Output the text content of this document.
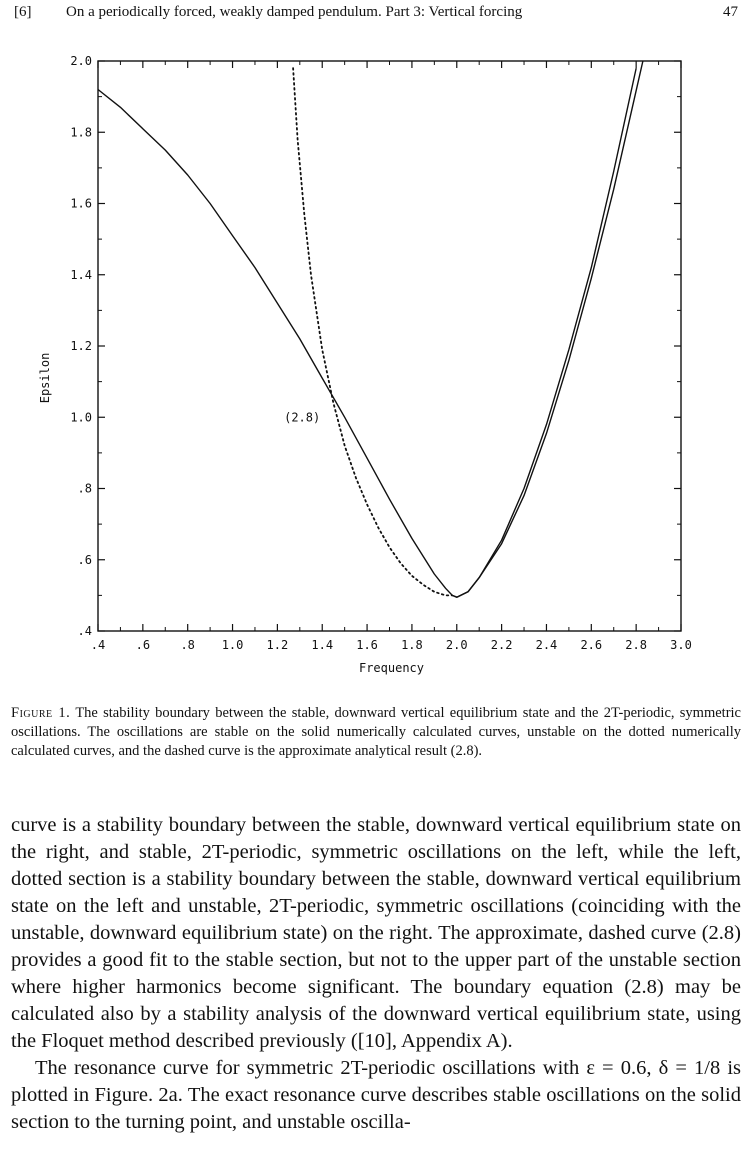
[6] On a periodically forced, weakly damped pendulum. Part 3: Vertical forcing	47
.4	.6	.8 1.0 1.2 1.4 1.6 1.8 2.0 2.2 2.4 2.6 2.8 3.0
2.0
1.8
1.6
1.4
1.2
1.0
.8
.6
.4
Frequency
Epsilon
(2.8)

Figure 1. The stability boundary between the stable, downward vertical equilibrium state and the 2T-periodic, symmetric oscillations. The oscillations are stable on the solid numerically calculated curves, unstable on the dotted numerically calculated curves, and the dashed curve is the approximate analytical result (2.8).

curve is a stability boundary between the stable, downward vertical equilibrium state on the right, and stable, 2T-periodic, symmetric oscillations on the left, while the left, dotted section is a stability boundary between the stable, downward vertical equilibrium state on the left and unstable, 2T-periodic, symmetric oscillations (coinciding with the unstable, downward equilibrium state) on the right. The approximate, dashed curve (2.8) provides a good fit to the stable section, but not to the upper part of the unstable section where higher harmonics become significant. The boundary equation (2.8) may be calculated also by a stability analysis of the downward vertical equilibrium state, using the Floquet method described previously ([10], Appendix A).

The resonance curve for symmetric 2T-periodic oscillations with ε = 0.6, δ = 1/8 is plotted in Figure. 2a. The exact resonance curve describes stable oscillations on the solid section to the turning point, and unstable oscilla-
